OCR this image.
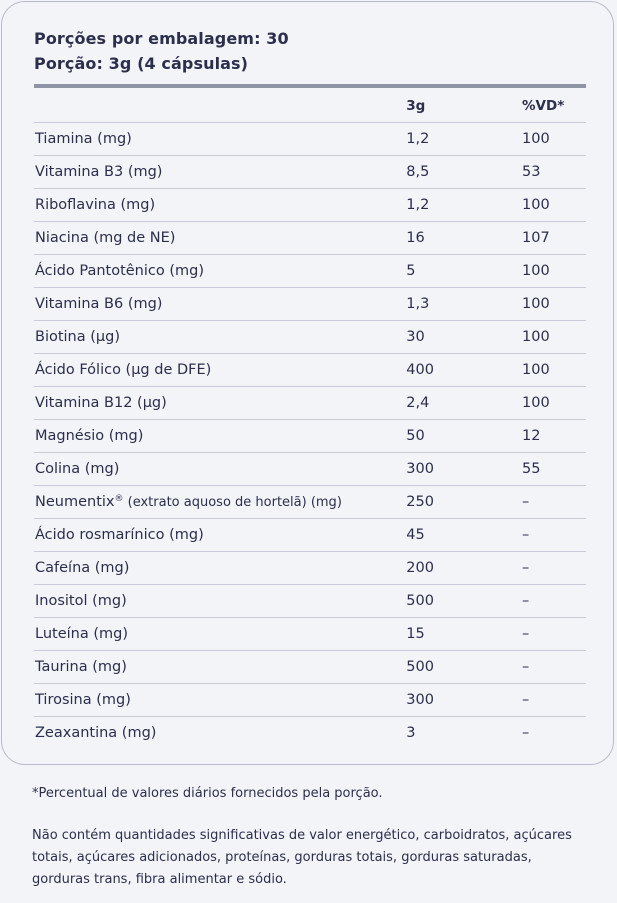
Porções por embalagem: 30
Porção: 3g (4 cápsulas)
	3g	%VD*
Tiamina (mg)	1,2	100
Vitamina B3 (mg)	8,5	53
Riboflavina (mg)	1,2	100
Niacina (mg de NE)	16	107
Ácido Pantotênico (mg)	5	100
Vitamina B6 (mg)	1,3	100
Biotina (µg)	30	100
Ácido Fólico (µg de DFE)	400	100
Vitamina B12 (µg)	2,4	100
Magnésio (mg)	50	12
Colina (mg)	300	55
Neumentix® (extrato aquoso de hortelã) (mg)	250	–
Ácido rosmarínico (mg)	45	–
Cafeína (mg)	200	–
Inositol (mg)	500	–
Luteína (mg)	15	–
Taurina (mg)	500	–
Tirosina (mg)	300	–
Zeaxantina (mg)	3	–
*Percentual de valores diários fornecidos pela porção.
Não contém quantidades significativas de valor energético, carboidratos, açúcares totais, açúcares adicionados, proteínas, gorduras totais, gorduras saturadas, gorduras trans, fibra alimentar e sódio.
